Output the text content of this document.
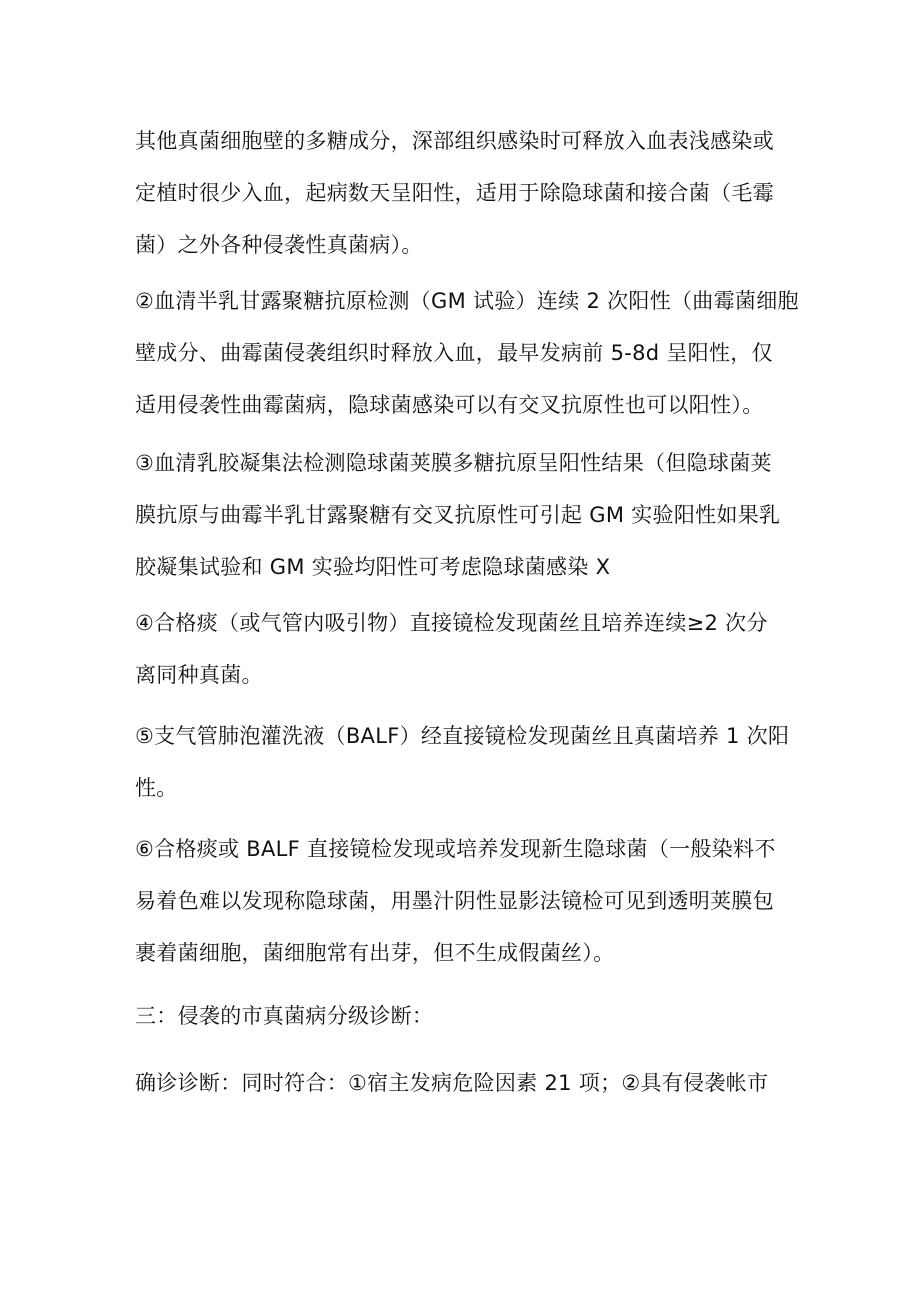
其他真菌细胞壁的多糖成分，深部组织感染时可释放入血表浅感染或
定植时很少入血，起病数天呈阳性，适用于除隐球菌和接合菌（毛霉
菌）之外各种侵袭性真菌病）。

②血清半乳甘露聚糖抗原检测（GM 试验）连续 2 次阳性（曲霉菌细胞
壁成分、曲霉菌侵袭组织时释放入血，最早发病前 5-8d 呈阳性，仅
适用侵袭性曲霉菌病，隐球菌感染可以有交叉抗原性也可以阳性）。

③血清乳胶凝集法检测隐球菌荚膜多糖抗原呈阳性结果（但隐球菌荚
膜抗原与曲霉半乳甘露聚糖有交叉抗原性可引起 GM 实验阳性如果乳
胶凝集试验和 GM 实验均阳性可考虑隐球菌感染 X

④合格痰（或气管内吸引物）直接镜检发现菌丝且培养连续≥2 次分
离同种真菌。

⑤支气管肺泡灌洗液（BALF）经直接镜检发现菌丝且真菌培养 1 次阳
性。

⑥合格痰或 BALF 直接镜检发现或培养发现新生隐球菌（一般染料不
易着色难以发现称隐球菌，用墨汁阴性显影法镜检可见到透明荚膜包
裹着菌细胞，菌细胞常有出芽，但不生成假菌丝）。

三：侵袭的市真菌病分级诊断：

确诊诊断：同时符合：①宿主发病危险因素 21 项；②具有侵袭帐市
